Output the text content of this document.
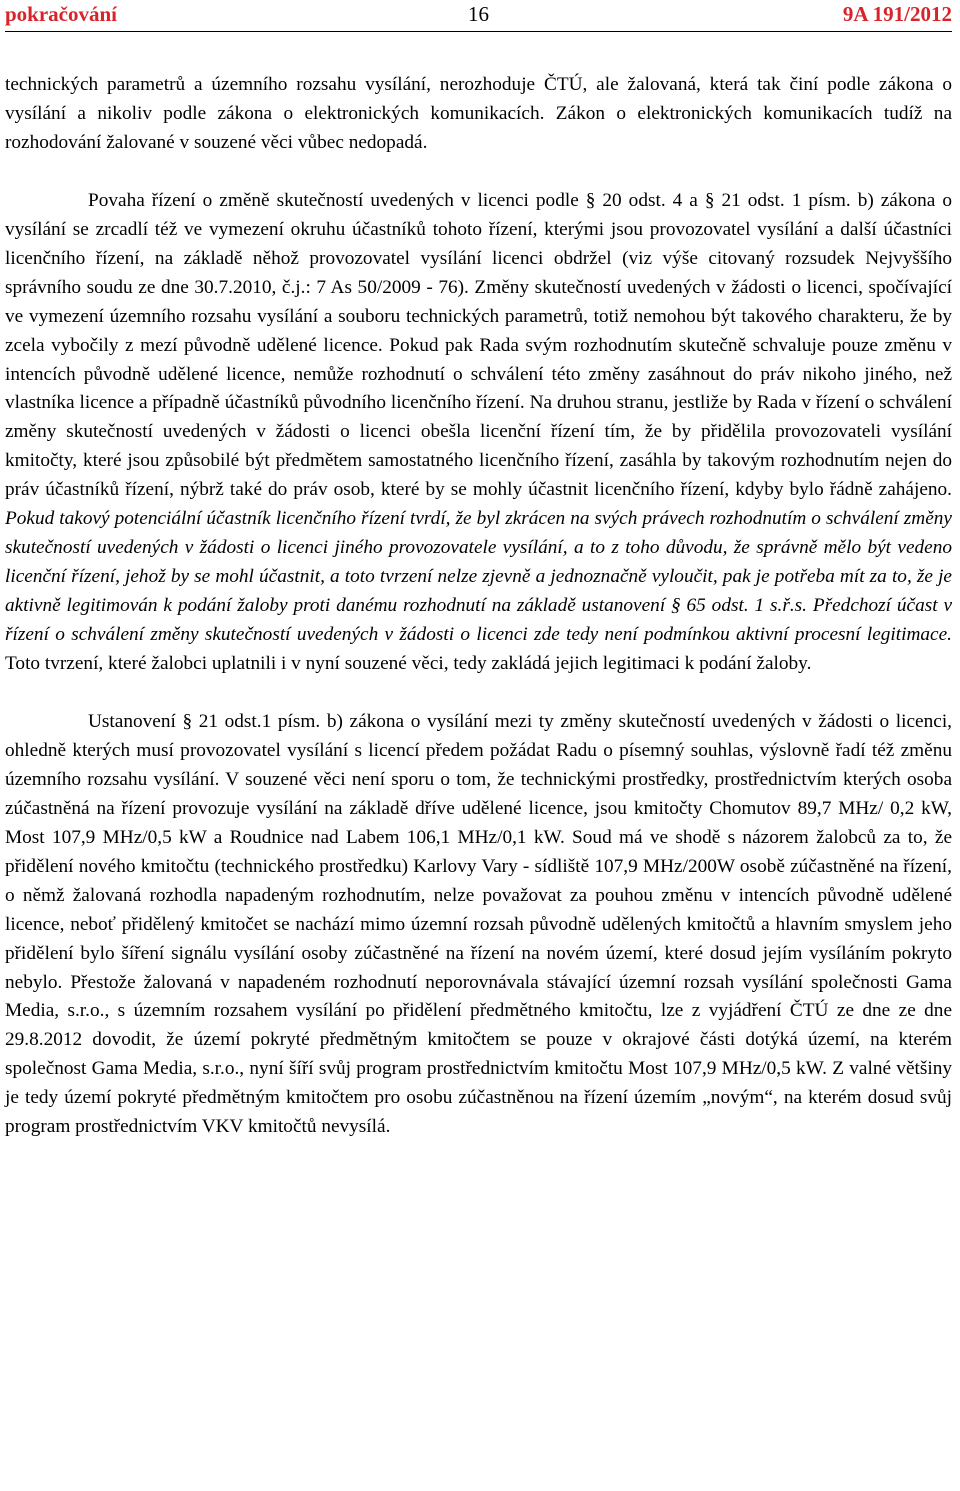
pokračování	16	9A 191/2012

technických parametrů a územního rozsahu vysílání, nerozhoduje ČTÚ, ale žalovaná, která tak činí podle zákona o vysílání a nikoliv podle zákona o elektronických komunikacích. Zákon o elektronických komunikacích tudíž na rozhodování žalované v souzené věci vůbec nedopadá.

Povaha řízení o změně skutečností uvedených v licenci podle § 20 odst. 4 a § 21 odst. 1 písm. b) zákona o vysílání se zrcadlí též ve vymezení okruhu účastníků tohoto řízení, kterými jsou provozovatel vysílání a další účastníci licenčního řízení, na základě něhož provozovatel vysílání licenci obdržel (viz výše citovaný rozsudek Nejvyššího správního soudu ze dne 30.7.2010, č.j.: 7 As 50/2009 - 76). Změny skutečností uvedených v žádosti o licenci, spočívající ve vymezení územního rozsahu vysílání a souboru technických parametrů, totiž nemohou být takového charakteru, že by zcela vybočily z mezí původně udělené licence. Pokud pak Rada svým rozhodnutím skutečně schvaluje pouze změnu v intencích původně udělené licence, nemůže rozhodnutí o schválení této změny zasáhnout do práv nikoho jiného, než vlastníka licence a případně účastníků původního licenčního řízení. Na druhou stranu, jestliže by Rada v řízení o schválení změny skutečností uvedených v žádosti o licenci obešla licenční řízení tím, že by přidělila provozovateli vysílání kmitočty, které jsou způsobilé být předmětem samostatného licenčního řízení, zasáhla by takovým rozhodnutím nejen do práv účastníků řízení, nýbrž také do práv osob, které by se mohly účastnit licenčního řízení, kdyby bylo řádně zahájeno. Pokud takový potenciální účastník licenčního řízení tvrdí, že byl zkrácen na svých právech rozhodnutím o schválení změny skutečností uvedených v žádosti o licenci jiného provozovatele vysílání, a to z toho důvodu, že správně mělo být vedeno licenční řízení, jehož by se mohl účastnit, a toto tvrzení nelze zjevně a jednoznačně vyloučit, pak je potřeba mít za to, že je aktivně legitimován k podání žaloby proti danému rozhodnutí na základě ustanovení § 65 odst. 1 s.ř.s. Předchozí účast v řízení o schválení změny skutečností uvedených v žádosti o licenci zde tedy není podmínkou aktivní procesní legitimace. Toto tvrzení, které žalobci uplatnili i v nyní souzené věci, tedy zakládá jejich legitimaci k podání žaloby.

Ustanovení § 21 odst.1 písm. b) zákona o vysílání mezi ty změny skutečností uvedených v žádosti o licenci, ohledně kterých musí provozovatel vysílání s licencí předem požádat Radu o písemný souhlas, výslovně řadí též změnu územního rozsahu vysílání. V souzené věci není sporu o tom, že technickými prostředky, prostřednictvím kterých osoba zúčastněná na řízení provozuje vysílání na základě dříve udělené licence, jsou kmitočty Chomutov 89,7 MHz/ 0,2 kW, Most 107,9 MHz/0,5 kW a Roudnice nad Labem 106,1 MHz/0,1 kW. Soud má ve shodě s názorem žalobců za to, že přidělení nového kmitočtu (technického prostředku) Karlovy Vary - sídliště 107,9 MHz/200W osobě zúčastněné na řízení, o němž žalovaná rozhodla napadeným rozhodnutím, nelze považovat za pouhou změnu v intencích původně udělené licence, neboť přidělený kmitočet se nachází mimo územní rozsah původně udělených kmitočtů a hlavním smyslem jeho přidělení bylo šíření signálu vysílání osoby zúčastněné na řízení na novém území, které dosud jejím vysíláním pokryto nebylo. Přestože žalovaná v napadeném rozhodnutí neporovnávala stávající územní rozsah vysílání společnosti Gama Media, s.r.o., s územním rozsahem vysílání po přidělení předmětného kmitočtu, lze z vyjádření ČTÚ ze dne ze dne 29.8.2012 dovodit, že území pokryté předmětným kmitočtem se pouze v okrajové části dotýká území, na kterém společnost Gama Media, s.r.o., nyní šíří svůj program prostřednictvím kmitočtu Most 107,9 MHz/0,5 kW. Z valné většiny je tedy území pokryté předmětným kmitočtem pro osobu zúčastněnou na řízení územím „novým“, na kterém dosud svůj program prostřednictvím VKV kmitočtů nevysílá.
